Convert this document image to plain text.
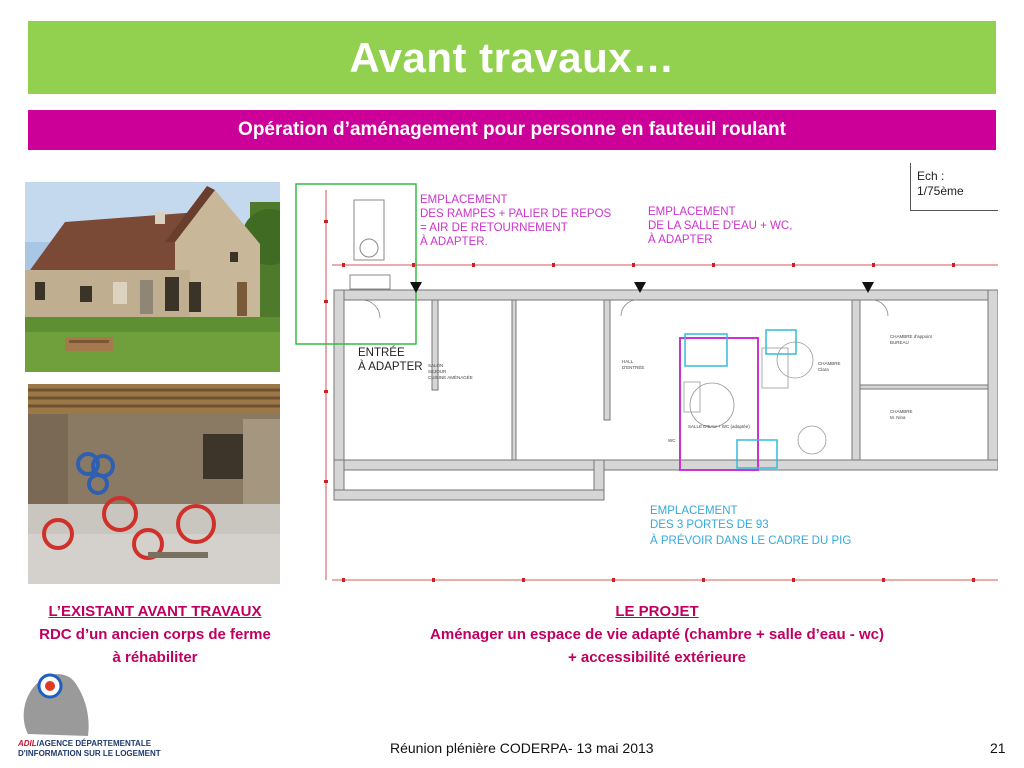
Avant travaux…
Opération d’aménagement pour personne en fauteuil roulant
EMPLACEMENT
DES RAMPES + PALIER DE REPOS
= AIR DE RETOURNEMENT
À ADAPTER.
EMPLACEMENT
DE LA SALLE D'EAU + WC,
À ADAPTER
ENTRÉE
À ADAPTER
EMPLACEMENT
DES 3 PORTES DE 93
À PRÉVOIR DANS LE CADRE DU PIG
SALON
SEJOUR
CUISINE AMÉNAGÉE
HALL
D'ENTRÉE
SALLE D'EAU + WC (adaptée)
WC
CHAMBRE
Clara
CHAMBRE d'appoint
BUREAU
CHAMBRE
M. Nina
Ech :
1/75ème
L’EXISTANT AVANT TRAVAUX
RDC d’un ancien corps de ferme
à réhabiliter
LE PROJET
Aménager un espace de vie adapté (chambre + salle d’eau - wc)
+ accessibilité extérieure
ADIL/AGENCE DÉPARTEMENTALE
D'INFORMATION SUR LE LOGEMENT	Réunion plénière CODERPA- 13 mai 2013	21
